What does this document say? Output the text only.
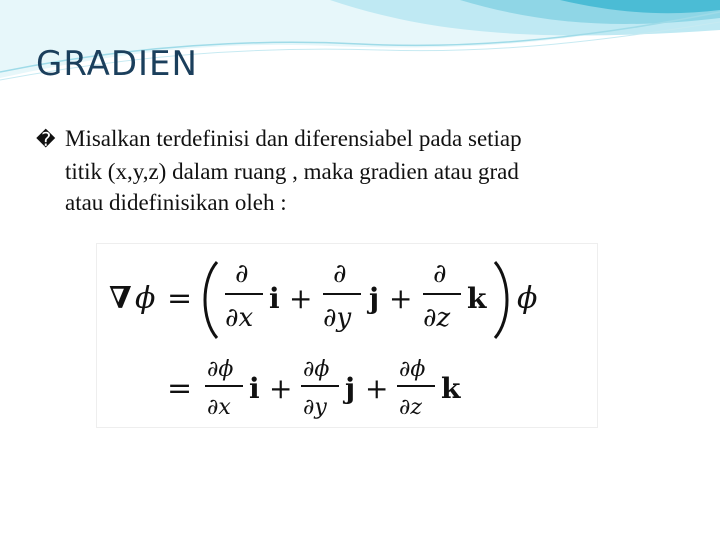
GRADIEN
� Misalkan terdefinisi dan diferensiabel pada setiap
titik (x,y,z) dalam ruang , maka gradien atau grad
atau didefinisikan oleh :
∇ ϕ =
∂
∂x
i +
∂
∂y
j +
∂
∂z
k ϕ
=
∂ϕ
∂x
i +
∂ϕ
∂y
j +
∂ϕ
∂z
k
